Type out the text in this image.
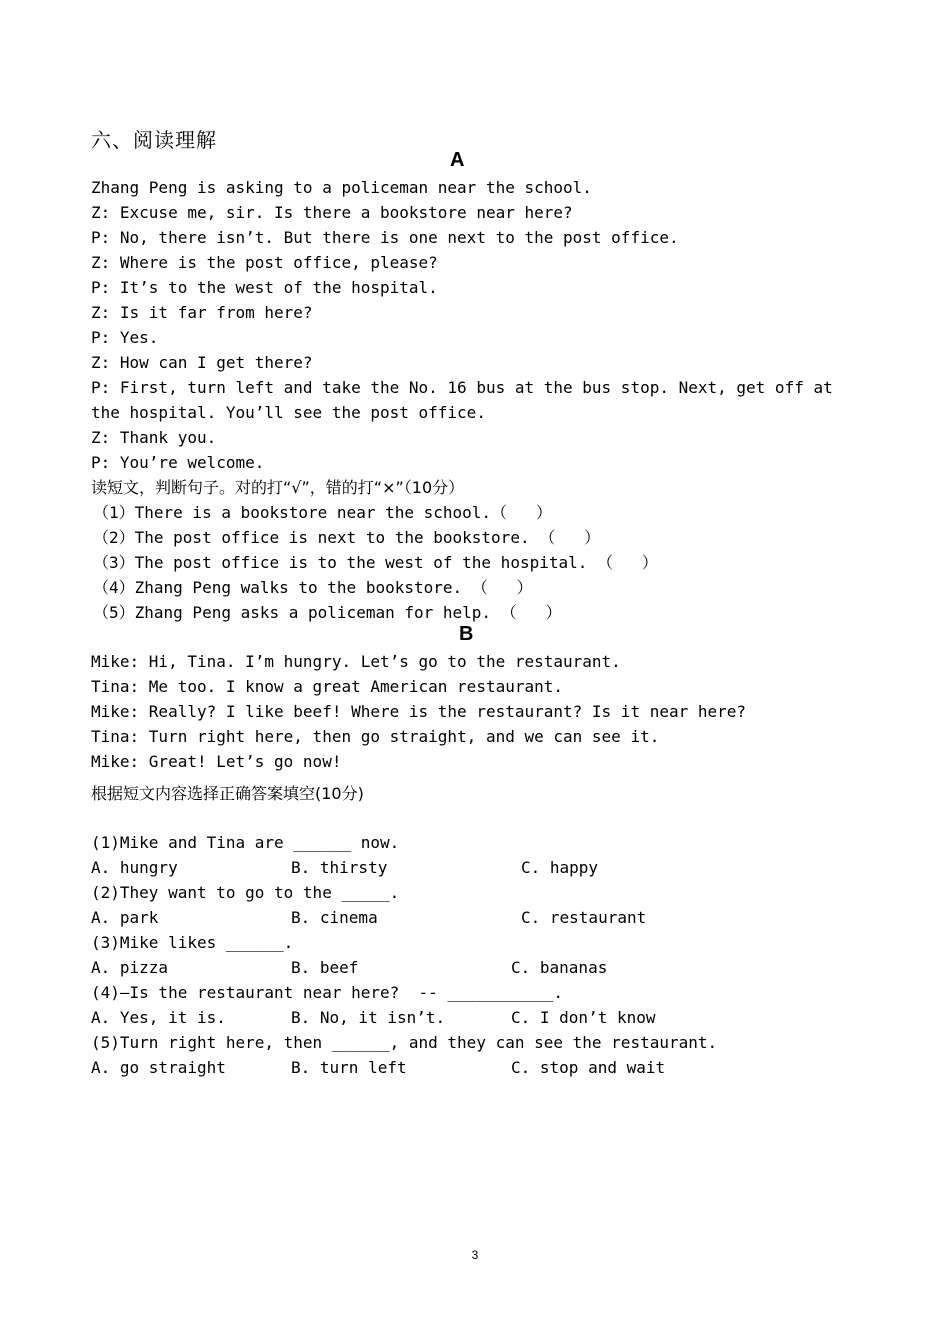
六、阅读理解
A
Zhang Peng is asking to a policeman near the school.
Z: Excuse me, sir. Is there a bookstore near here?
P: No, there isn’t. But there is one next to the post office.
Z: Where is the post office, please?
P: It’s to the west of the hospital.
Z: Is it far from here?
P: Yes.
Z: How can I get there?
P: First, turn left and take the No. 16 bus at the bus stop. Next, get off at
the hospital. You’ll see the post office.
Z: Thank you.
P: You’re welcome.
读短文，判断句子。对的打“√”，错的打“×”（10分）
（1）There is a bookstore near the school.（   ）
（2）The post office is next to the bookstore. （   ）
（3）The post office is to the west of the hospital. （   ）
（4）Zhang Peng walks to the bookstore. （   ）
（5）Zhang Peng asks a policeman for help. （   ）
B
Mike: Hi, Tina. I’m hungry. Let’s go to the restaurant.
Tina: Me too. I know a great American restaurant.
Mike: Really? I like beef! Where is the restaurant? Is it near here?
Tina: Turn right here, then go straight, and we can see it.
Mike: Great! Let’s go now!
根据短文内容选择正确答案填空(10分)
(1)Mike and Tina are ______ now.
A. hungry	B. thirsty	C. happy
(2)They want to go to the _____.
A. park	B. cinema	C. restaurant
(3)Mike likes ______.
A. pizza	B. beef	C. bananas
(4)–Is the restaurant near here?  -- ___________.
A. Yes, it is.	B. No, it isn’t.	C. I don’t know
(5)Turn right here, then ______, and they can see the restaurant.
A. go straight	B. turn left	C. stop and wait
3
